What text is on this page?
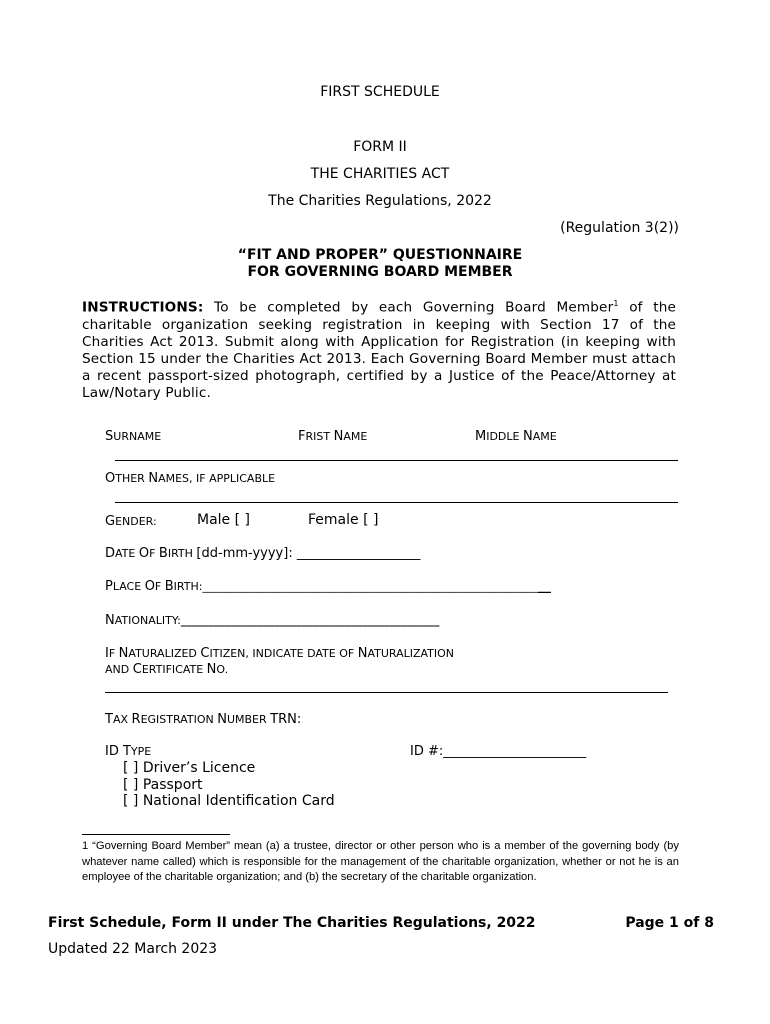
FIRST SCHEDULE
FORM II
THE CHARITIES ACT
The Charities Regulations, 2022
(Regulation 3(2))
“FIT AND PROPER” QUESTIONNAIRE
FOR GOVERNING BOARD MEMBER
INSTRUCTIONS: To be completed by each Governing Board Member$^1$ of the charitable organization seeking registration in keeping with Section 17 of the Charities Act 2013. Submit along with Application for Registration (in keeping with Section 15 under the Charities Act 2013. Each Governing Board Member must attach a recent passport-sized photograph, certified by a Justice of the Peace/Attorney at Law/Notary Public.
SURNAME	FRIST NAME	MIDDLE NAME
OTHER NAMES, IF APPLICABLE
GENDER:	Male [ ]	Female [ ]
DATE OF BIRTH [dd-mm-yyyy]: ___________________
PLACE OF BIRTH:_______________________________________________________________
NATIONALITY:_______________________________________________
IF NATURALIZED CITIZEN, INDICATE DATE OF NATURALIZATION
AND CERTIFICATE NO.
TAX REGISTRATION NUMBER TRN:
ID TYPE	ID #:______________________
[ ] Driver’s Licence
[ ] Passport
[ ] National Identification Card
1 “Governing Board Member” mean (a) a trustee, director or other person who is a member of the governing body (by whatever name called) which is responsible for the management of the charitable organization, whether or not he is an employee of the charitable organization; and (b) the secretary of the charitable organization.
First Schedule, Form II under The Charities Regulations, 2022	Page 1 of 8
Updated 22 March 2023
